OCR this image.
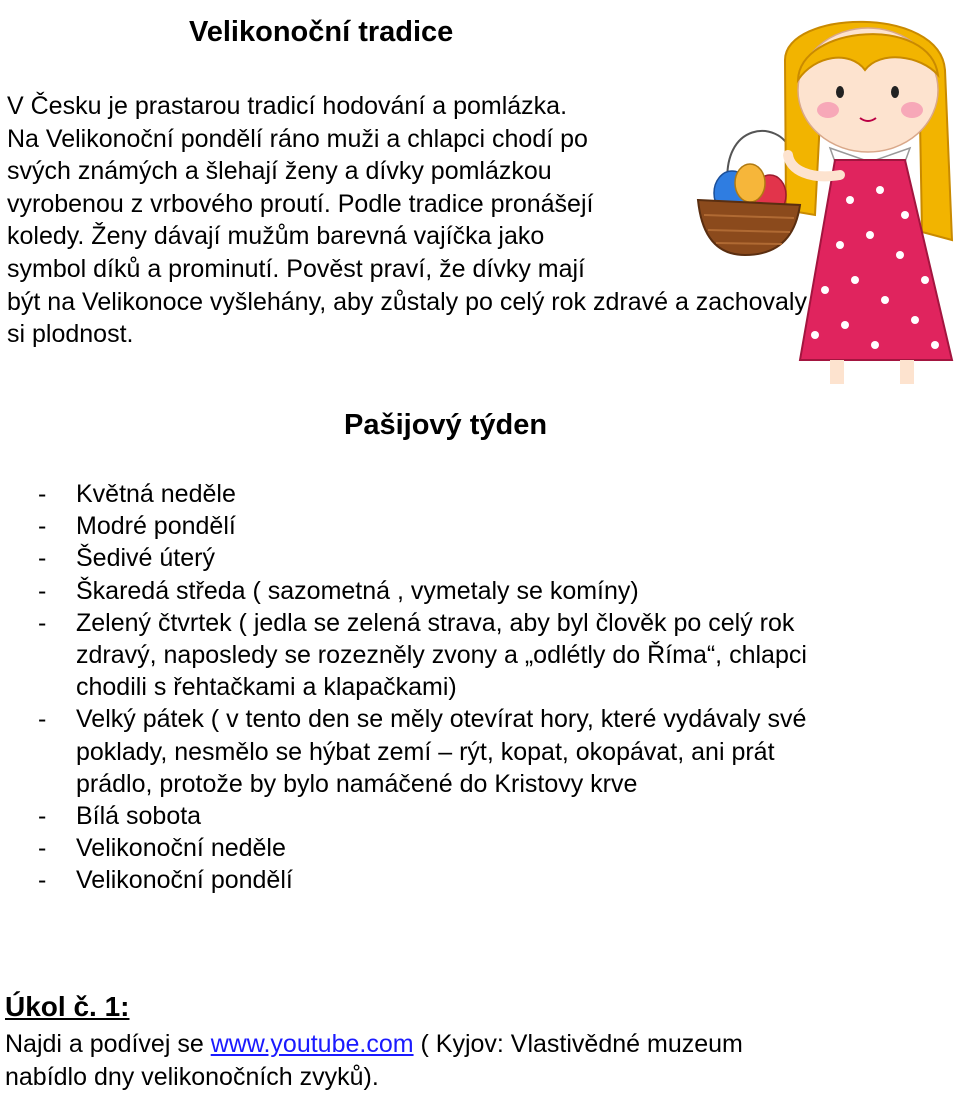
Velikonoční tradice
V Česku je prastarou tradicí hodování a pomlázka.
Na Velikonoční pondělí ráno muži a chlapci chodí po
svých známých a šlehají ženy a dívky pomlázkou
vyrobenou z vrbového proutí. Podle tradice pronášejí
koledy. Ženy dávají mužům barevná vajíčka jako
symbol díků a prominutí. Pověst praví, že dívky mají
být na Velikonoce vyšlehány, aby zůstaly po celý rok zdravé a zachovaly
si plodnost.
Pašijový týden
- Květná neděle
- Modré pondělí
- Šedivé úterý
- Škaredá středa ( sazometná , vymetaly se komíny)
- Zelený čtvrtek ( jedla se zelená strava, aby byl člověk po celý rok
zdravý, naposledy se rozezněly zvony a „odlétly do Říma“, chlapci
chodili s řehtačkami a klapačkami)
- Velký pátek ( v tento den se měly otevírat hory, které vydávaly své
poklady, nesmělo se hýbat zemí – rýt, kopat, okopávat, ani prát
prádlo, protože by bylo namáčené do Kristovy krve
- Bílá sobota
- Velikonoční neděle
- Velikonoční pondělí
Úkol č. 1:
Najdi a podívej se www.youtube.com ( Kyjov: Vlastivědné muzeum
nabídlo dny velikonočních zvyků).
